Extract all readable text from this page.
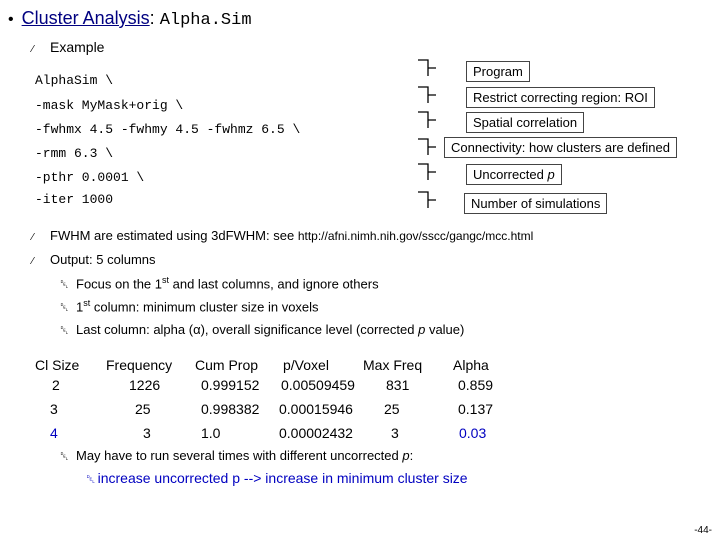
• Cluster Analysis: Alpha.Sim
⁄ Example
AlphaSim \
-mask MyMask+orig \
-fwhmx 4.5 -fwhmy 4.5 -fwhmz 6.5 \
-rmm 6.3 \
-pthr 0.0001 \
-iter 1000
Program
Restrict correcting region: ROI
Spatial correlation
Connectivity: how clusters are defined
Uncorrected p
Number of simulations
⁄ FWHM are estimated using 3dFWHM: see http://afni.nimh.nih.gov/sscc/gangc/mcc.html
⁄ Output: 5 columns
␡ Focus on the 1st and last columns, and ignore others
␡ 1st column: minimum cluster size in voxels
␡ Last column: alpha (α), overall significance level (corrected p value)
Cl Size Frequency Cum Prop p/Voxel Max Freq Alpha
2	1226	0.999152 0.00509459 831	0.859
3	25	0.998382 0.00015946 25	0.137
4	3	1.0	0.00002432	3	0.03
␡ May have to run several times with different uncorrected p:
␡ increase uncorrected p --> increase in minimum cluster size
-44-
